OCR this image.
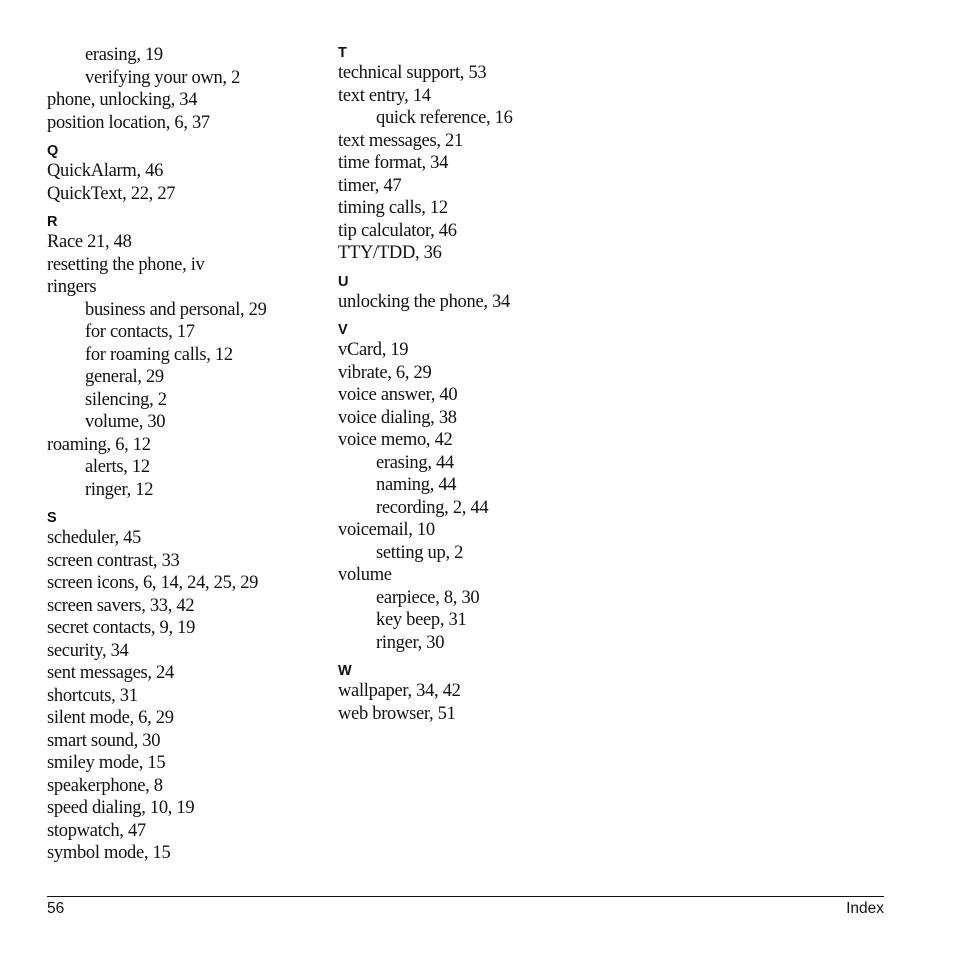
erasing, 19
verifying your own, 2
phone, unlocking, 34
position location, 6, 37
Q
QuickAlarm, 46
QuickText, 22, 27
R
Race 21, 48
resetting the phone, iv
ringers
business and personal, 29
for contacts, 17
for roaming calls, 12
general, 29
silencing, 2
volume, 30
roaming, 6, 12
alerts, 12
ringer, 12
S
scheduler, 45
screen contrast, 33
screen icons, 6, 14, 24, 25, 29
screen savers, 33, 42
secret contacts, 9, 19
security, 34
sent messages, 24
shortcuts, 31
silent mode, 6, 29
smart sound, 30
smiley mode, 15
speakerphone, 8
speed dialing, 10, 19
stopwatch, 47
symbol mode, 15
T
technical support, 53
text entry, 14
quick reference, 16
text messages, 21
time format, 34
timer, 47
timing calls, 12
tip calculator, 46
TTY/TDD, 36
U
unlocking the phone, 34
V
vCard, 19
vibrate, 6, 29
voice answer, 40
voice dialing, 38
voice memo, 42
erasing, 44
naming, 44
recording, 2, 44
voicemail, 10
setting up, 2
volume
earpiece, 8, 30
key beep, 31
ringer, 30
W
wallpaper, 34, 42
web browser, 51
56	Index
